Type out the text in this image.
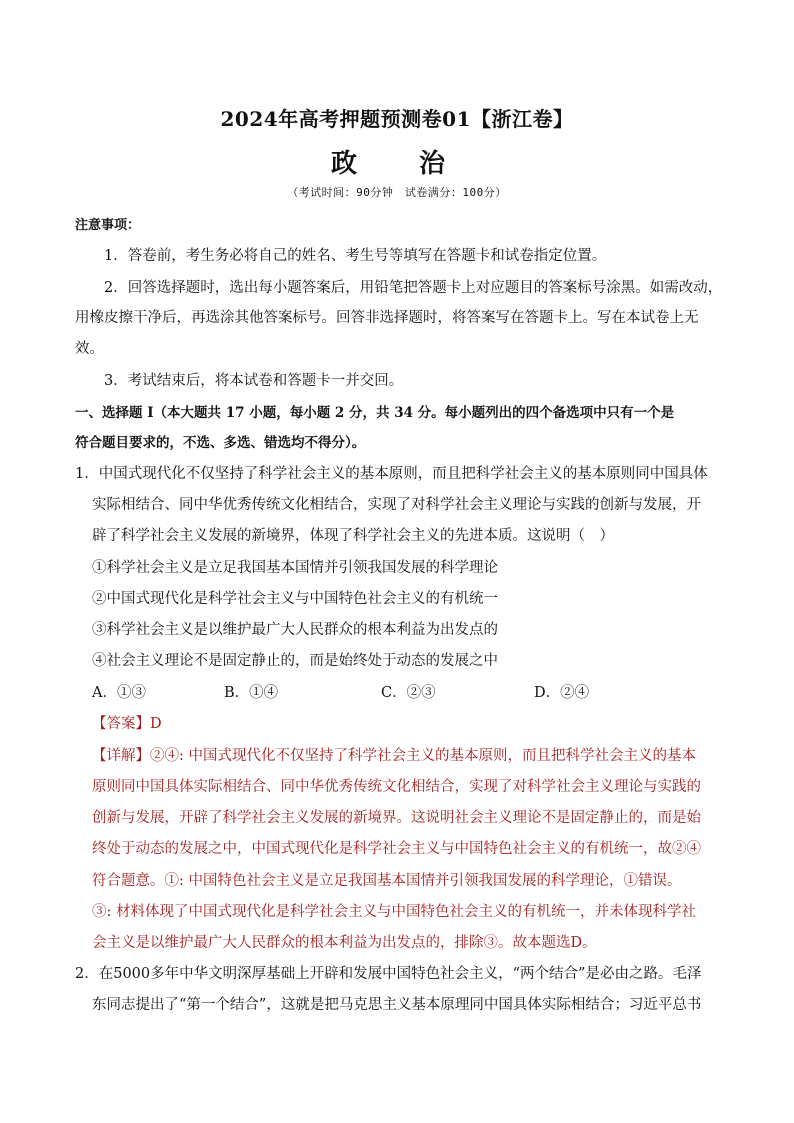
2024年高考押题预测卷01【浙江卷】
政　治
（考试时间：90分钟　试卷满分：100分）
注意事项：
1．答卷前，考生务必将自己的姓名、考生号等填写在答题卡和试卷指定位置。
2．回答选择题时，选出每小题答案后，用铅笔把答题卡上对应题目的答案标号涂黑。如需改动，
用橡皮擦干净后，再选涂其他答案标号。回答非选择题时，将答案写在答题卡上。写在本试卷上无
效。
3．考试结束后，将本试卷和答题卡一并交回。
一、选择题 I（本大题共 17 小题，每小题 2 分，共 34 分。每小题列出的四个备选项中只有一个是
符合题目要求的，不选、多选、错选均不得分）。
1．中国式现代化不仅坚持了科学社会主义的基本原则，而且把科学社会主义的基本原则同中国具体
实际相结合、同中华优秀传统文化相结合，实现了对科学社会主义理论与实践的创新与发展，开
辟了科学社会主义发展的新境界，体现了科学社会主义的先进本质。这说明（　）
①科学社会主义是立足我国基本国情并引领我国发展的科学理论
②中国式现代化是科学社会主义与中国特色社会主义的有机统一
③科学社会主义是以维护最广大人民群众的根本利益为出发点的
④社会主义理论不是固定静止的，而是始终处于动态的发展之中
A．①③	B．①④	C．②③	D．②④
【答案】D
【详解】②④: 中国式现代化不仅坚持了科学社会主义的基本原则，而且把科学社会主义的基本
原则同中国具体实际相结合、同中华优秀传统文化相结合，实现了对科学社会主义理论与实践的
创新与发展，开辟了科学社会主义发展的新境界。这说明社会主义理论不是固定静止的，而是始
终处于动态的发展之中，中国式现代化是科学社会主义与中国特色社会主义的有机统一，故②④
符合题意。①: 中国特色社会主义是立足我国基本国情并引领我国发展的科学理论，①错误。
③: 材料体现了中国式现代化是科学社会主义与中国特色社会主义的有机统一，并未体现科学社
会主义是以维护最广大人民群众的根本利益为出发点的，排除③。故本题选D。
2．在5000多年中华文明深厚基础上开辟和发展中国特色社会主义，“两个结合”是必由之路。毛泽
东同志提出了“第一个结合”，这就是把马克思主义基本原理同中国具体实际相结合；习近平总书
